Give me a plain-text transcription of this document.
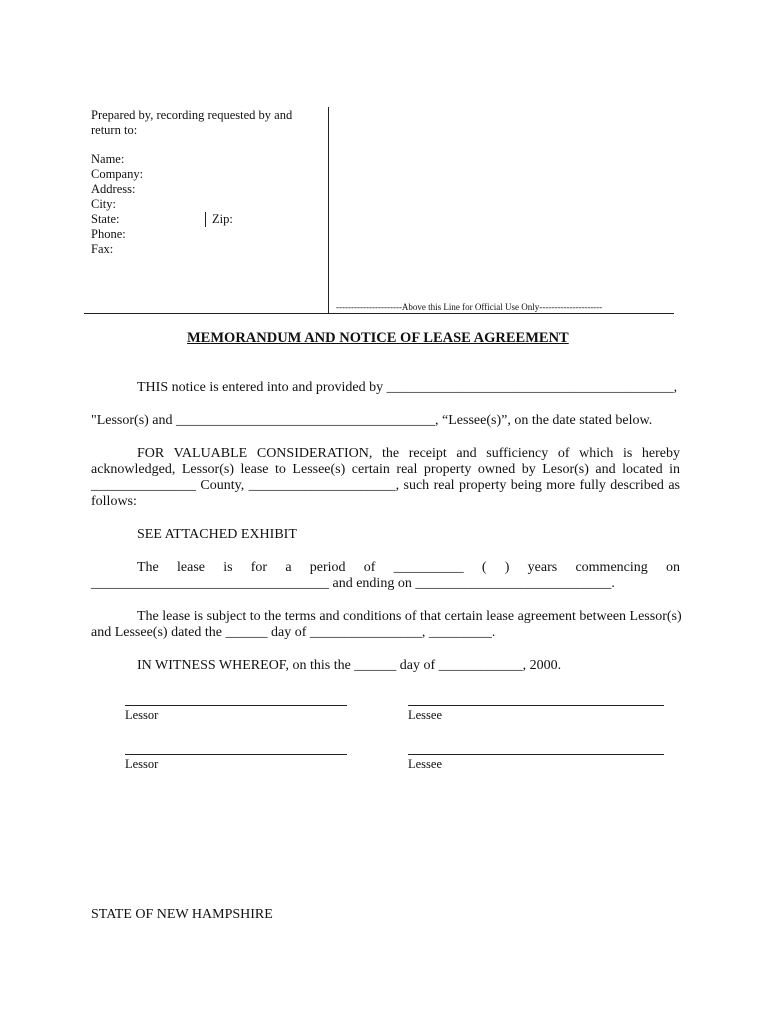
Prepared by, recording requested by and
return to:
Name:
Company:
Address:
City:
State:	Zip:
Phone:
Fax:
----------------------Above this Line for Official Use Only---------------------
MEMORANDUM AND NOTICE OF LEASE AGREEMENT
THIS notice is entered into and provided by _________________________________________,
"Lessor(s) and _____________________________________, “Lessee(s)”, on the date stated below.
FOR VALUABLE CONSIDERATION, the receipt and sufficiency of which is hereby
acknowledged, Lessor(s) lease to Lessee(s) certain real property owned by Lesor(s) and located in
_______________ County, _____________________, such real property being more fully described as
follows:
SEE ATTACHED EXHIBIT
The lease is for a period of __________ ( ) years commencing on
__________________________________ and ending on ____________________________.
The lease is subject to the terms and conditions of that certain lease agreement between Lessor(s)
and Lessee(s) dated the ______ day of ________________, _________.
IN WITNESS WHEREOF, on this the ______ day of ____________, 2000.
Lessor	Lessee
Lessor	Lessee
STATE OF NEW HAMPSHIRE
